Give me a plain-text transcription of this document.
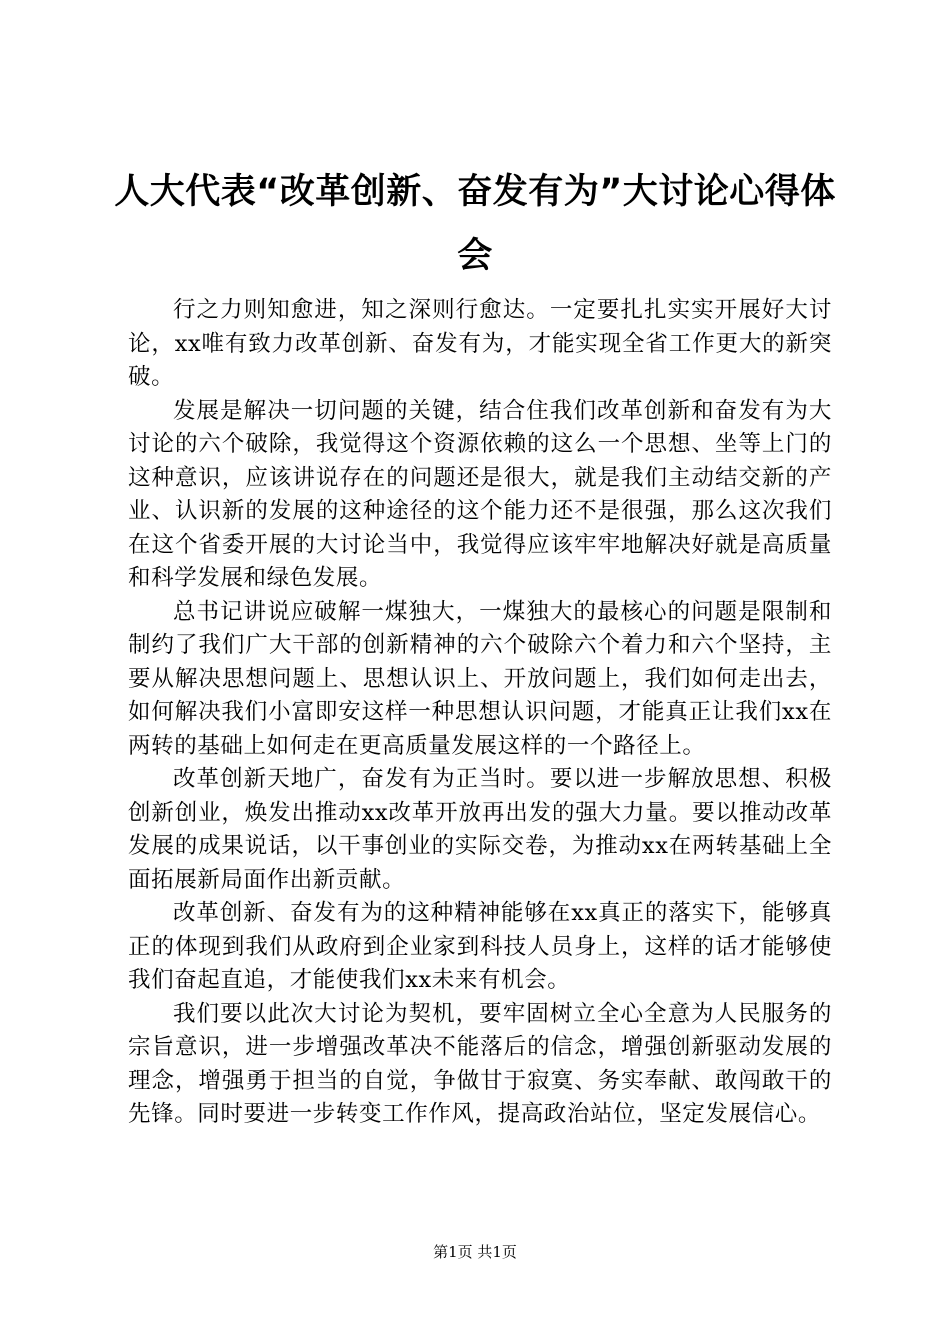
人大代表“改革创新、奋发有为”大讨论心得体会

行之力则知愈进，知之深则行愈达。一定要扎扎实实开展好大讨论，xx唯有致力改革创新、奋发有为，才能实现全省工作更大的新突破。

发展是解决一切问题的关键，结合住我们改革创新和奋发有为大讨论的六个破除，我觉得这个资源依赖的这么一个思想、坐等上门的这种意识，应该讲说存在的问题还是很大，就是我们主动结交新的产业、认识新的发展的这种途径的这个能力还不是很强，那么这次我们在这个省委开展的大讨论当中，我觉得应该牢牢地解决好就是高质量和科学发展和绿色发展。

总书记讲说应破解一煤独大，一煤独大的最核心的问题是限制和制约了我们广大干部的创新精神的六个破除六个着力和六个坚持，主要从解决思想问题上、思想认识上、开放问题上，我们如何走出去，如何解决我们小富即安这样一种思想认识问题，才能真正让我们xx在两转的基础上如何走在更高质量发展这样的一个路径上。

改革创新天地广，奋发有为正当时。要以进一步解放思想、积极创新创业，焕发出推动xx改革开放再出发的强大力量。要以推动改革发展的成果说话，以干事创业的实际交卷，为推动xx在两转基础上全面拓展新局面作出新贡献。

改革创新、奋发有为的这种精神能够在xx真正的落实下，能够真正的体现到我们从政府到企业家到科技人员身上，这样的话才能够使我们奋起直追，才能使我们xx未来有机会。

我们要以此次大讨论为契机，要牢固树立全心全意为人民服务的宗旨意识，进一步增强改革决不能落后的信念，增强创新驱动发展的理念，增强勇于担当的自觉，争做甘于寂寞、务实奉献、敢闯敢干的先锋。同时要进一步转变工作作风，提高政治站位，坚定发展信心。

第1页 共1页
